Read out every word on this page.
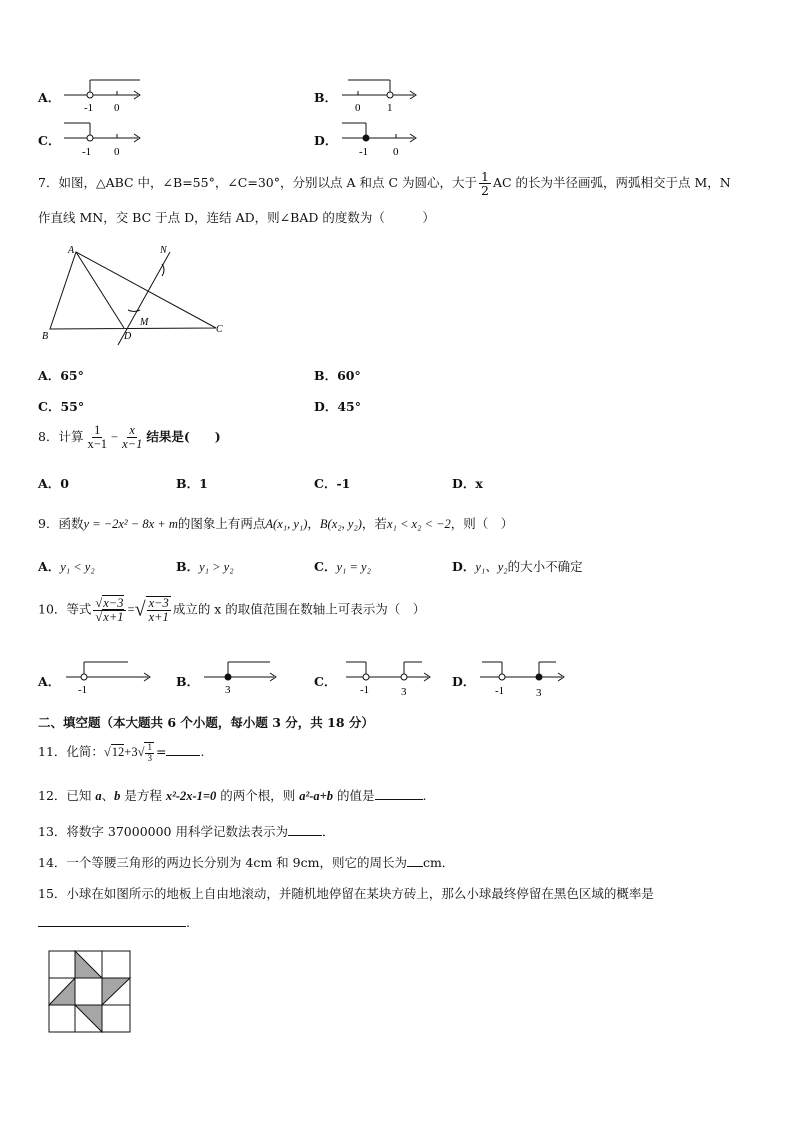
A．
-1 0
B．
0 1
C．
-1 0
D．
-1 0
7．如图，△ABC 中，∠B=55°，∠C=30°，分别以点 A 和点 C 为圆心，大于 $\frac{1}{2}$ AC 的长为半径画弧，两弧相交于点 M，N
作直线 MN，交 BC 于点 D，连结 AD，则∠BAD 的度数为（　　　）
A
B
C
D
M
N
A．65°	B．60°
C．55°	D．45°
8．计算 $\frac{1}{x-1} - \frac{x}{x-1}$ 结果是(　　)
A．0	B．1	C．-1	D．x
9．函数y = −2x² − 8x + m的图象上有两点A(x₁, y₁)，B(x₂, y₂)，若x₁ < x₂ < −2，则（　）
A．y₁ < y₂	B．y₁ > y₂	C．y₁ = y₂	D．y₁、y₂的大小不确定
10．等式 $\frac{√x-3}{√x+1}$ =√ $\frac{x-3}{x+1}$ 成立的 x 的取值范围在数轴上可表示为（　）
A．
-1
B．
3
C．
-1	3
D．
-1	3
二、填空题（本大题共 6 个小题，每小题 3 分，共 18 分）
11．化简：$√12+3√ \frac{1}{3}$ =	.
12．已知 a、b 是方程 x²-2x-1=0 的两个根，则 a²-a+b 的值是	.
13．将数字 37000000 用科学记数法表示为	．
14．一个等腰三角形的两边长分别为 4cm 和 9cm，则它的周长为 cm．
15．小球在如图所示的地板上自由地滚动，并随机地停留在某块方砖上，那么小球最终停留在黑色区域的概率是
.
